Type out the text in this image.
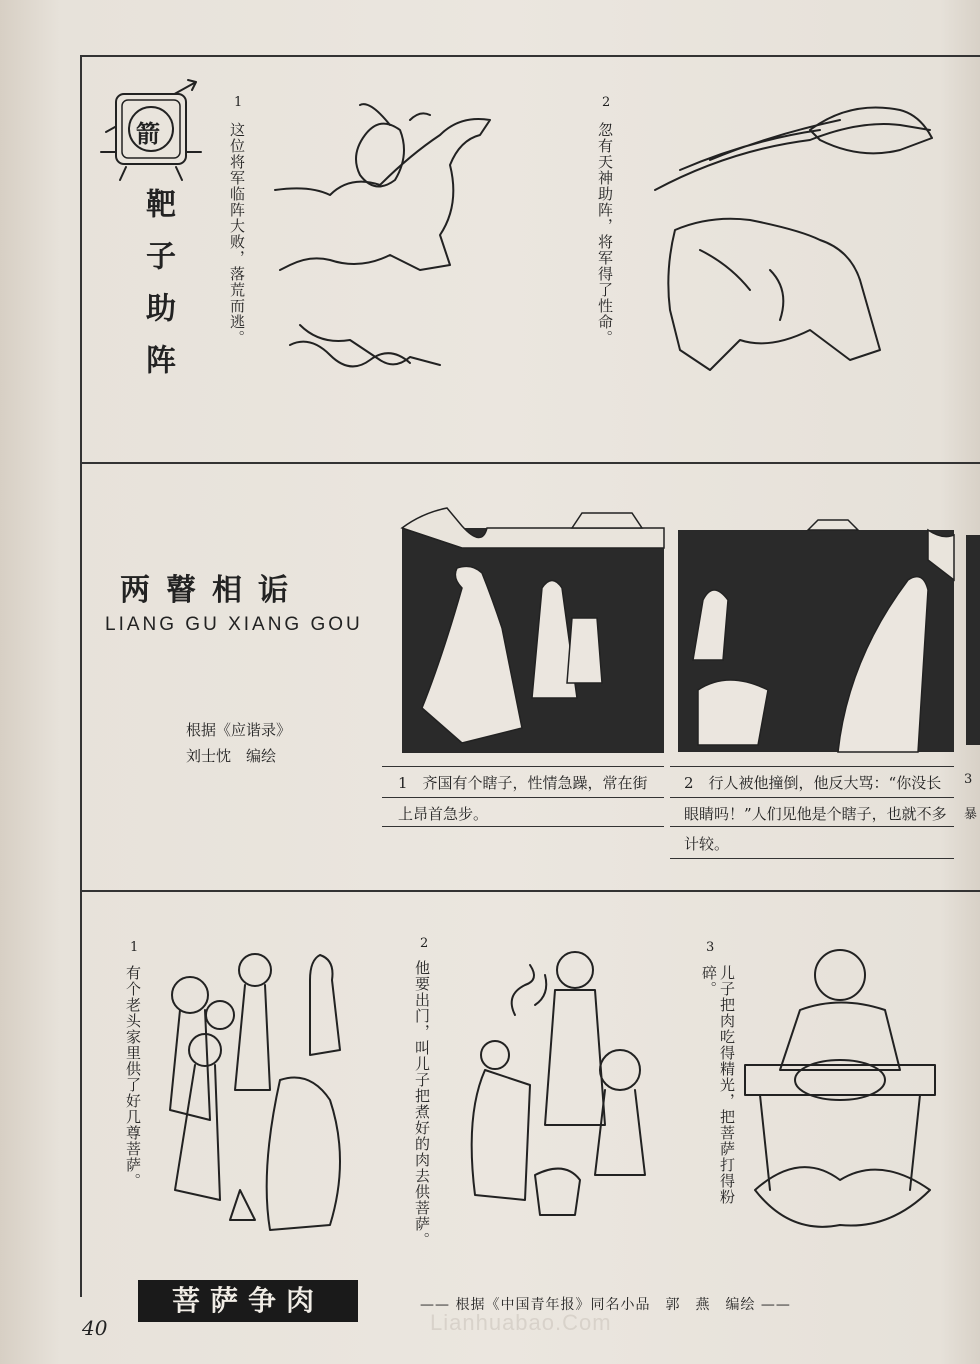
箭
靶子助阵
1
这位将军临阵大败，落荒而逃。
2
忽有天神助阵，将军得了性命。
两瞽相诟
LIANG GU XIANG GOU
根据《应谐录》
刘士忱　编绘
1　齐国有个瞎子，性情急躁，常在街
上昂首急步。
2　行人被他撞倒，他反大骂：“你没长
眼睛吗！”人们见他是个瞎子，也就不多
计较。
3
暴
1
有个老头家里供了好几尊菩萨。
2
他要出门，叫儿子把煮好的肉去供菩萨。
3
儿子把肉吃得精光，把菩萨打得粉碎。
菩萨争肉	—— 根据《中国青年报》同名小品　郭　燕　编绘 ——
40	Lianhuabao.Com
